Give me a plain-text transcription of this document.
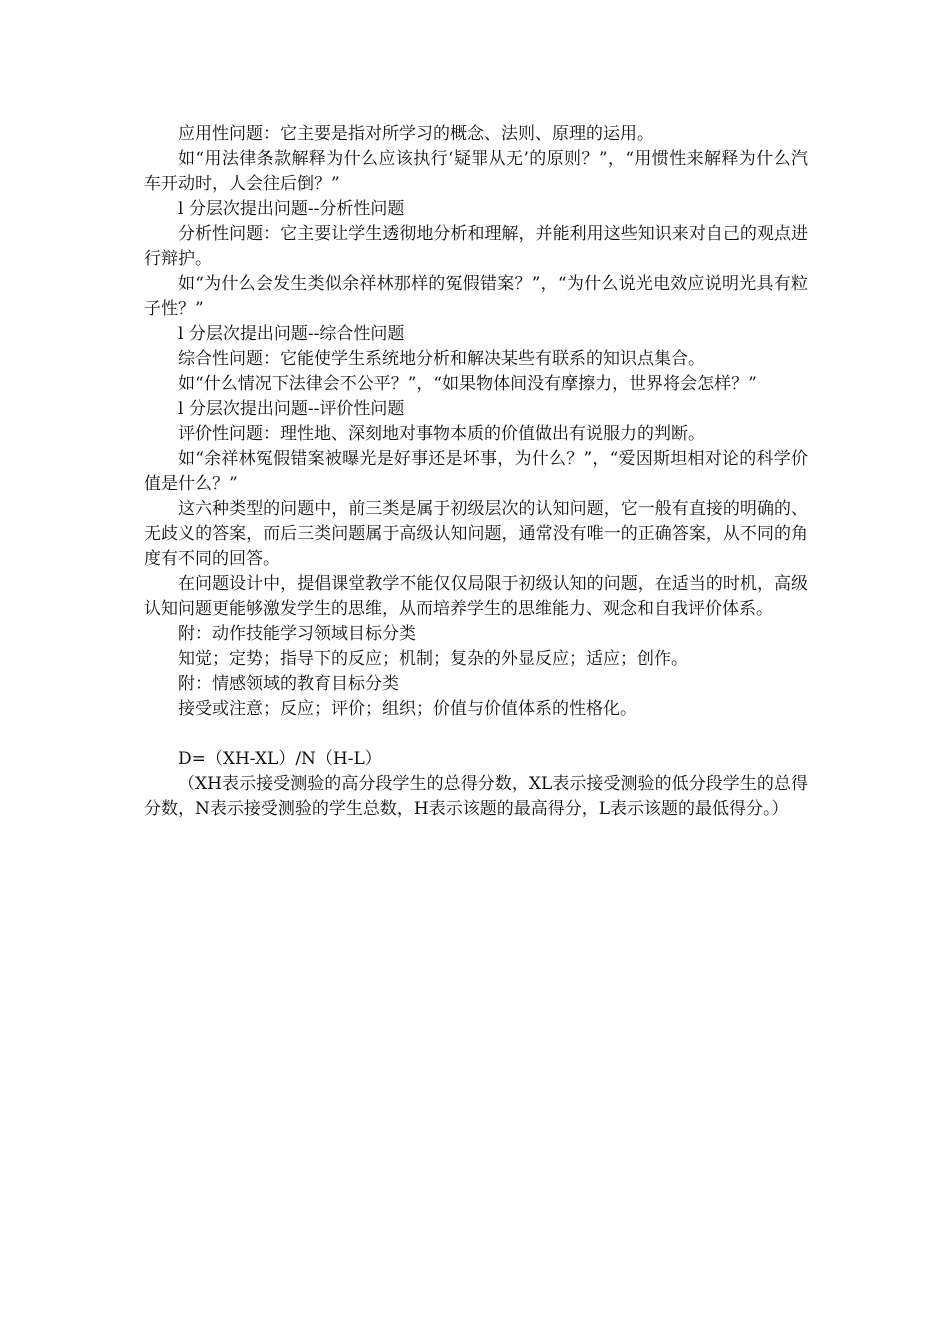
应用性问题：它主要是指对所学习的概念、法则、原理的运用。

如“用法律条款解释为什么应该执行‘疑罪从无’的原则？”，“用惯性来解释为什么汽车开动时，人会往后倒？”

l 分层次提出问题--分析性问题

分析性问题：它主要让学生透彻地分析和理解，并能利用这些知识来对自己的观点进行辩护。

如“为什么会发生类似余祥林那样的冤假错案？”，“为什么说光电效应说明光具有粒子性？”

l 分层次提出问题--综合性问题

综合性问题：它能使学生系统地分析和解决某些有联系的知识点集合。

如“什么情况下法律会不公平？”，“如果物体间没有摩擦力，世界将会怎样？”

l 分层次提出问题--评价性问题

评价性问题：理性地、深刻地对事物本质的价值做出有说服力的判断。

如“余祥林冤假错案被曝光是好事还是坏事，为什么？”，“爱因斯坦相对论的科学价值是什么？”

这六种类型的问题中，前三类是属于初级层次的认知问题，它一般有直接的明确的、无歧义的答案，而后三类问题属于高级认知问题，通常没有唯一的正确答案，从不同的角度有不同的回答。

在问题设计中，提倡课堂教学不能仅仅局限于初级认知的问题，在适当的时机，高级认知问题更能够激发学生的思维，从而培养学生的思维能力、观念和自我评价体系。

附：动作技能学习领域目标分类

知觉；定势；指导下的反应；机制；复杂的外显反应；适应；创作。

附：情感领域的教育目标分类

接受或注意；反应；评价；组织；价值与价值体系的性格化。

D=（XH-XL）/N（H-L）

（XH表示接受测验的高分段学生的总得分数，XL表示接受测验的低分段学生的总得分数，N表示接受测验的学生总数，H表示该题的最高得分，L表示该题的最低得分。）
